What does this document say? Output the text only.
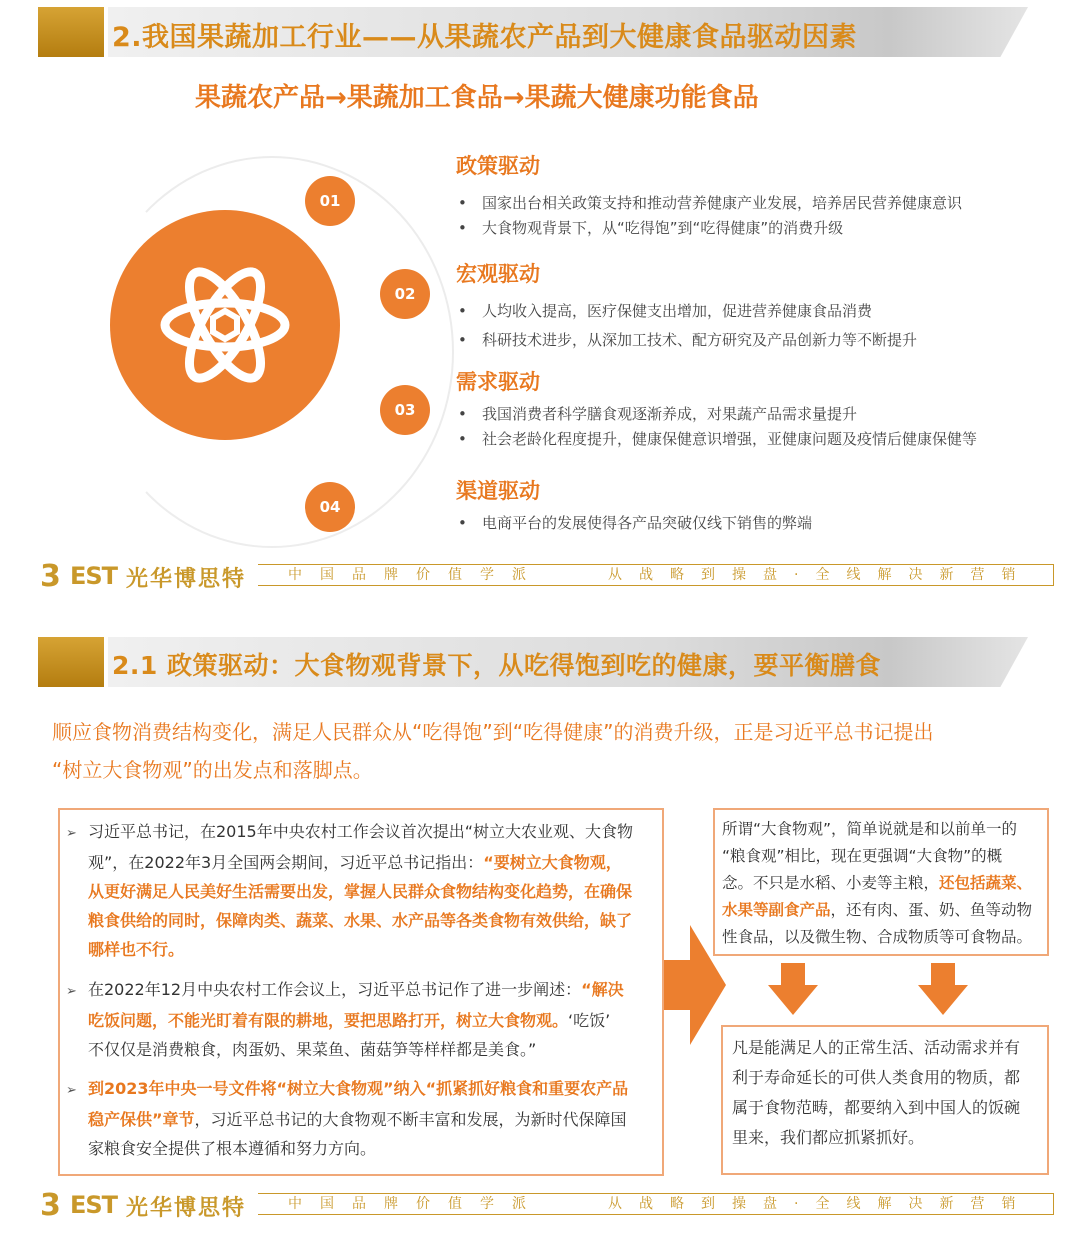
2.我国果蔬加工行业——从果蔬农产品到大健康食品驱动因素
果蔬农产品→果蔬加工食品→果蔬大健康功能食品
01
02
03
04
政策驱动
• 国家出台相关政策支持和推动营养健康产业发展，培养居民营养健康意识
• 大食物观背景下，从“吃得饱”到“吃得健康”的消费升级
宏观驱动
• 人均收入提高，医疗保健支出增加，促进营养健康食品消费
• 科研技术进步，从深加工技术、配方研究及产品创新力等不断提升
需求驱动
• 我国消费者科学膳食观逐渐养成，对果蔬产品需求量提升
• 社会老龄化程度提升，健康保健意识增强，亚健康问题及疫情后健康保健等
渠道驱动
• 电商平台的发展使得各产品突破仅线下销售的弊端
3 EST 光华博思特	中国品牌价值学派	从战略到操盘·全线解决新营销
2.1 政策驱动：大食物观背景下，从吃得饱到吃的健康，要平衡膳食
顺应食物消费结构变化，满足人民群众从“吃得饱”到“吃得健康”的消费升级，正是习近平总书记提出
“树立大食物观”的出发点和落脚点。
➢ 习近平总书记，在2015年中央农村工作会议首次提出“树立大农业观、大食物
观”，在2022年3月全国两会期间，习近平总书记指出：“要树立大食物观，
从更好满足人民美好生活需要出发，掌握人民群众食物结构变化趋势，在确保
粮食供给的同时，保障肉类、蔬菜、水果、水产品等各类食物有效供给，缺了
哪样也不行。
➢ 在2022年12月中央农村工作会议上，习近平总书记作了进一步阐述：“解决
吃饭问题，不能光盯着有限的耕地，要把思路打开，树立大食物观。‘吃饭’
不仅仅是消费粮食，肉蛋奶、果菜鱼、菌菇笋等样样都是美食。”
➢ 到2023年中央一号文件将“树立大食物观”纳入“抓紧抓好粮食和重要农产品
稳产保供”章节，习近平总书记的大食物观不断丰富和发展，为新时代保障国
家粮食安全提供了根本遵循和努力方向。
所谓“大食物观”，简单说就是和以前单一的
“粮食观”相比，现在更强调“大食物”的概
念。不只是水稻、小麦等主粮，还包括蔬菜、
水果等副食产品，还有肉、蛋、奶、鱼等动物
性食品，以及微生物、合成物质等可食物品。
凡是能满足人的正常生活、活动需求并有
利于寿命延长的可供人类食用的物质，都
属于食物范畴，都要纳入到中国人的饭碗
里来，我们都应抓紧抓好。
3 EST 光华博思特	中国品牌价值学派	从战略到操盘·全线解决新营销
